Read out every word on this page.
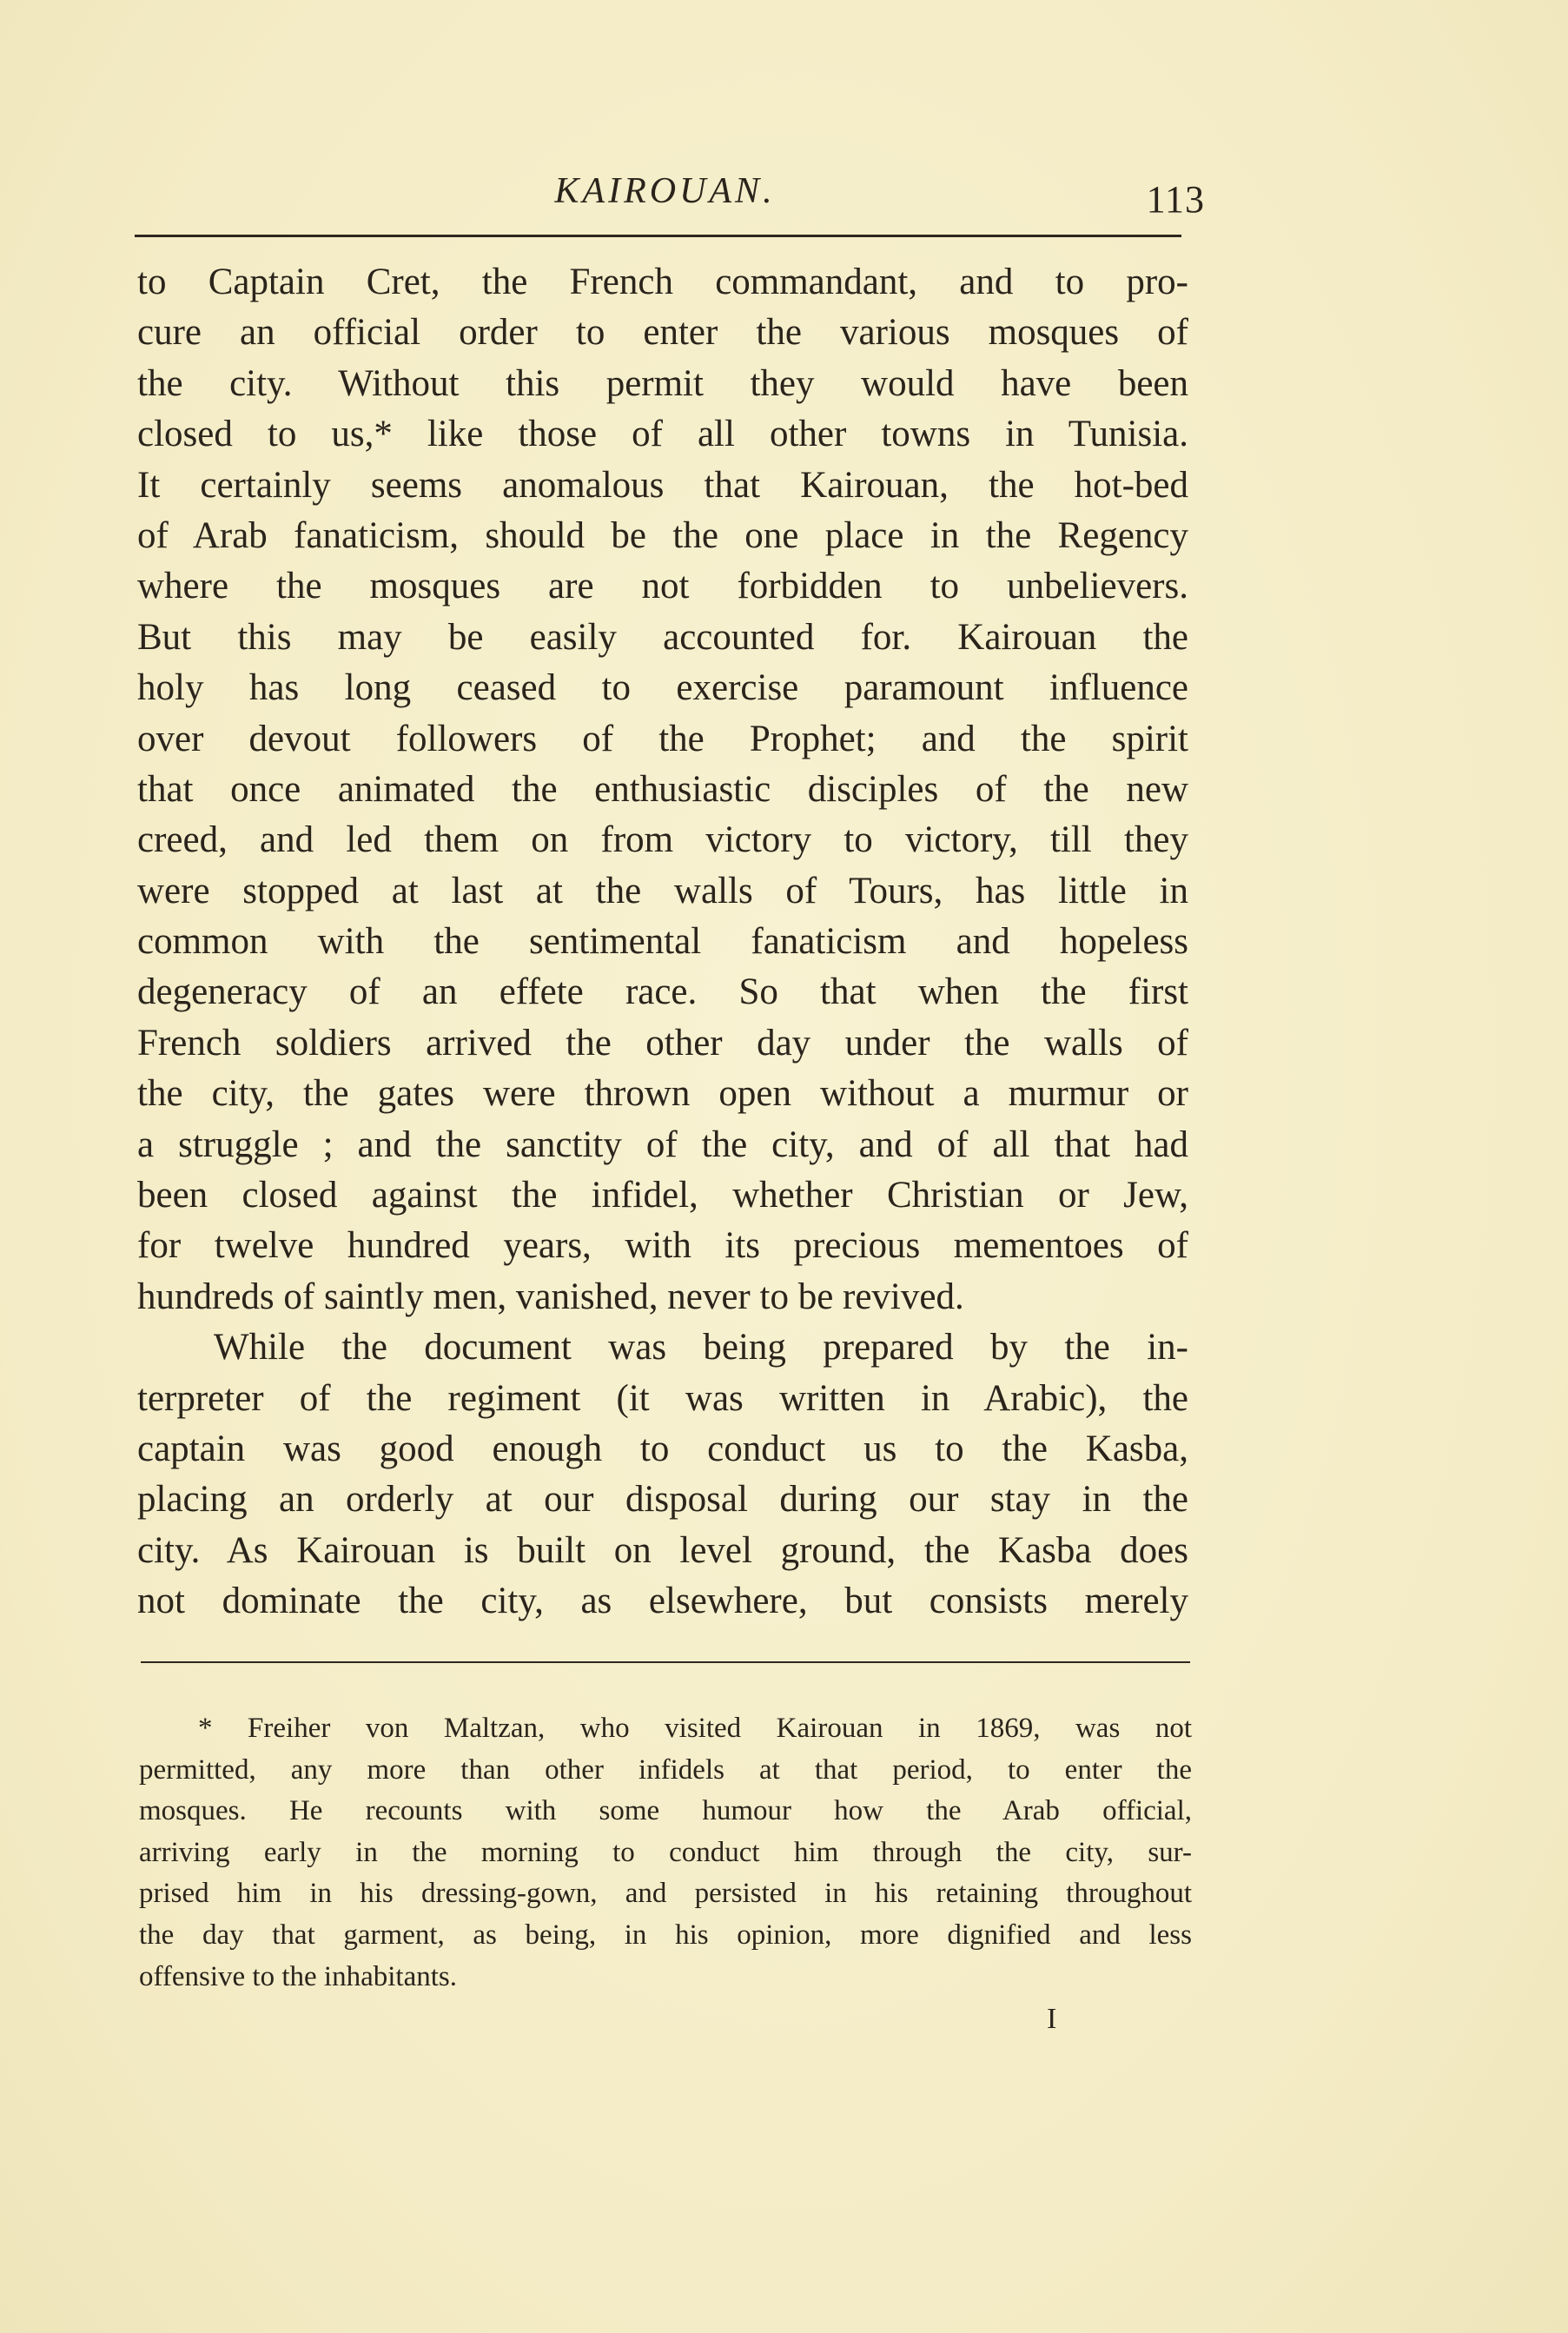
KAIROUAN.	113
to Captain Cret, the French commandant, and to pro-
cure an official order to enter the various mosques of
the city. Without this permit they would have been
closed to us,* like those of all other towns in Tunisia.
It certainly seems anomalous that Kairouan, the hot-bed
of Arab fanaticism, should be the one place in the Regency
where the mosques are not forbidden to unbelievers.
But this may be easily accounted for. Kairouan the
holy has long ceased to exercise paramount influence
over devout followers of the Prophet; and the spirit
that once animated the enthusiastic disciples of the new
creed, and led them on from victory to victory, till they
were stopped at last at the walls of Tours, has little in
common with the sentimental fanaticism and hopeless
degeneracy of an effete race. So that when the first
French soldiers arrived the other day under the walls of
the city, the gates were thrown open without a murmur or
a struggle ; and the sanctity of the city, and of all that had
been closed against the infidel, whether Christian or Jew,
for twelve hundred years, with its precious mementoes of
hundreds of saintly men, vanished, never to be revived.
While the document was being prepared by the in-
terpreter of the regiment (it was written in Arabic), the
captain was good enough to conduct us to the Kasba,
placing an orderly at our disposal during our stay in the
city. As Kairouan is built on level ground, the Kasba does
not dominate the city, as elsewhere, but consists merely
* Freiher von Maltzan, who visited Kairouan in 1869, was not
permitted, any more than other infidels at that period, to enter the
mosques. He recounts with some humour how the Arab official,
arriving early in the morning to conduct him through the city, sur-
prised him in his dressing-gown, and persisted in his retaining throughout
the day that garment, as being, in his opinion, more dignified and less
offensive to the inhabitants.
I
